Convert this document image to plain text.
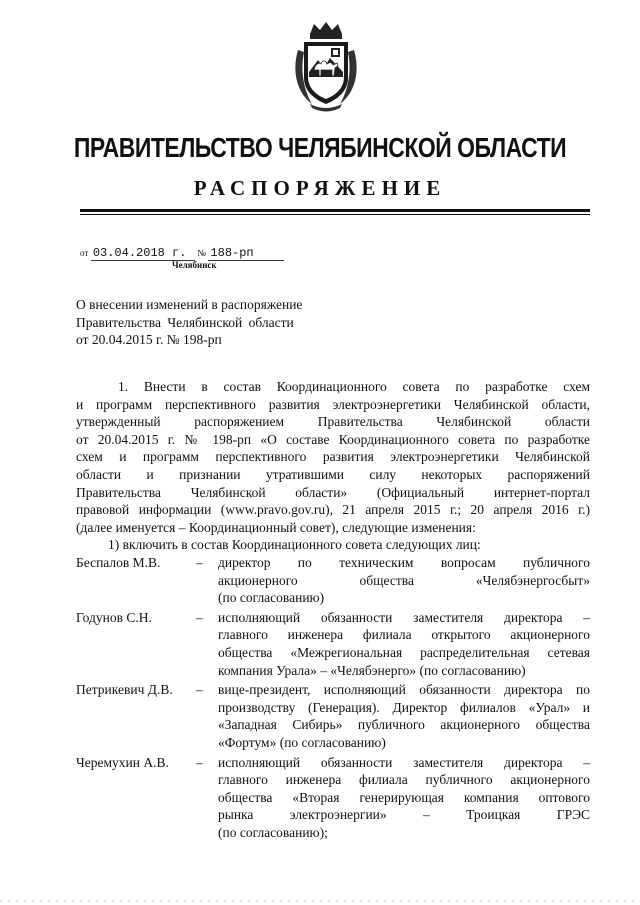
ПРАВИТЕЛЬСТВО ЧЕЛЯБИНСКОЙ ОБЛАСТИ
РАСПОРЯЖЕНИЕ
от 03.04.2018 г. № 188-рп
Челябинск
О внесении изменений в распоряжение
Правительства Челябинской области
от 20.04.2015 г. № 198-рп
1. Внести в состав Координационного совета по разработке схем
и программ перспективного развития электроэнергетики Челябинской области,
утвержденный распоряжением Правительства Челябинской области
от 20.04.2015 г. № 198-рп «О составе Координационного совета по разработке
схем и программ перспективного развития электроэнергетики Челябинской
области и признании утратившими силу некоторых распоряжений
Правительства Челябинской области» (Официальный интернет-портал
правовой информации (www.pravo.gov.ru), 21 апреля 2015 г.; 20 апреля 2016 г.)
(далее именуется – Координационный совет), следующие изменения:
1) включить в состав Координационного совета следующих лиц:
Беспалов М.В.	– директор по техническим вопросам публичного
акционерного общества «Челябэнергосбыт»
(по согласованию)
Годунов С.Н.	– исполняющий обязанности заместителя директора –
главного инженера филиала открытого акционерного
общества «Межрегиональная распределительная сетевая
компания Урала» – «Челябэнерго» (по согласованию)
Петрикевич Д.В. – вице-президент, исполняющий обязанности директора по
производству (Генерация). Директор филиалов «Урал» и
«Западная Сибирь» публичного акционерного общества
«Фортум» (по согласованию)
Черемухин А.В. – исполняющий обязанности заместителя директора –
главного инженера филиала публичного акционерного
общества «Вторая генерирующая компания оптового
рынка электроэнергии» – Троицкая ГРЭС
(по согласованию);
